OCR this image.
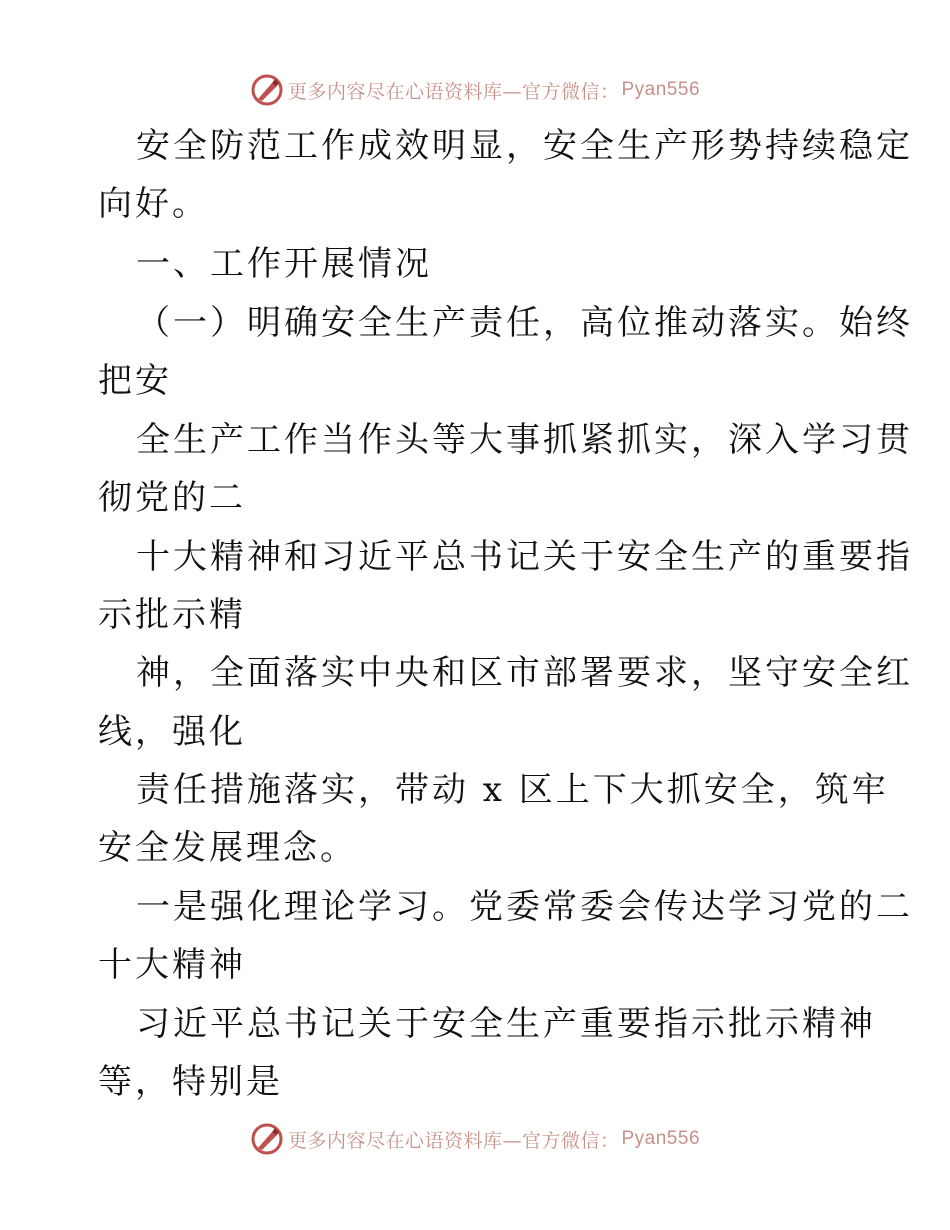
更多内容尽在心语资料库—官方微信： Pyan556
安全防范工作成效明显，安全生产形势持续稳定
向好。
一、工作开展情况
（一）明确安全生产责任，高位推动落实。始终
把安
全生产工作当作头等大事抓紧抓实，深入学习贯
彻党的二
十大精神和习近平总书记关于安全生产的重要指
示批示精
神，全面落实中央和区市部署要求，坚守安全红
线，强化
责任措施落实，带动 x 区上下大抓安全，筑牢
安全发展理念。
一是强化理论学习。党委常委会传达学习党的二
十大精神
习近平总书记关于安全生产重要指示批示精神
等，特别是
更多内容尽在心语资料库—官方微信： Pyan556
